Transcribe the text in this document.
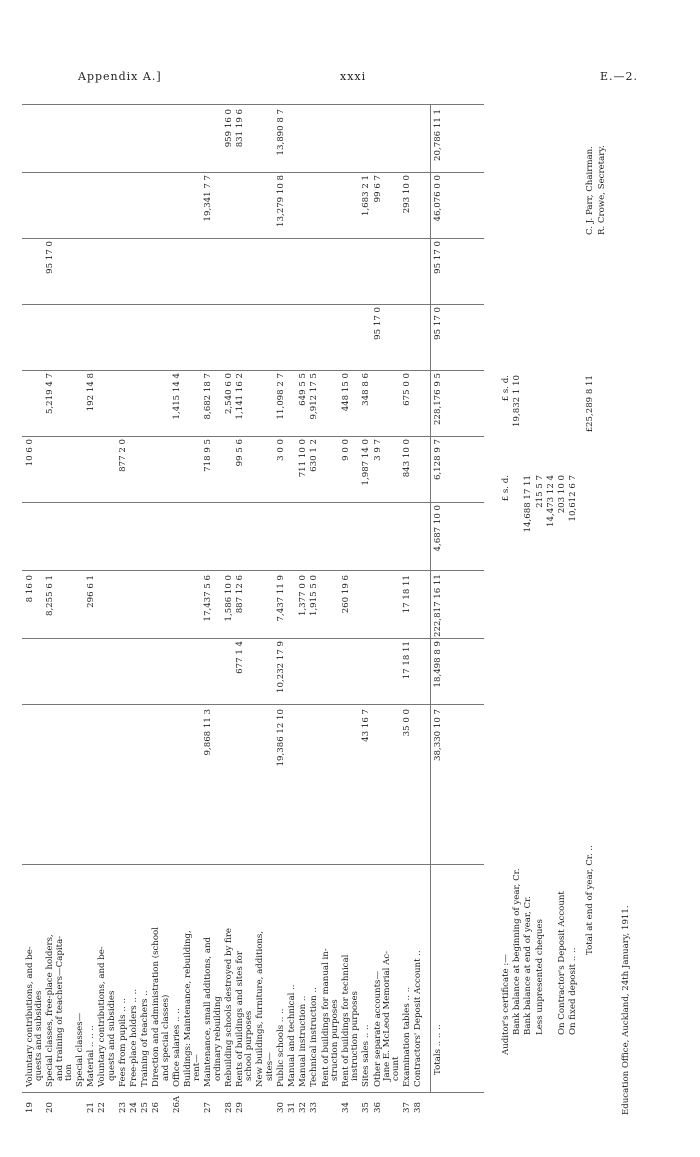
Appendix A.]	xxxi	E.—2.
19
Voluntary contributions, and be- quests and subsidies
8 16 0
10 6 0
20
Special classes, free-place holders, and training of teachers—Capita- tion
8,255 6 1
5,219 4 7
95 17 0
Special classes—
21
Material .. .. ..
296 6 1
192 14 8
22
Voluntary contributions, and be- quests and subsidies
23
Fees from pupils .. ..
877 2 0
24
Free-place holders .. ..
25
Training of teachers ..
26
Direction and administration (school and special classes)
26A
Office salaries .. ..
1,415 14 4
Buildings: Maintenance, rebuilding, rent—
27
Maintenance, small additions, and ordinary rebuilding
17,437 5 6
718 9 5
8,682 18 7
19,341 7 7
9,868 11 3
28
Rebuilding schools destroyed by fire
1,586 10 0
2,540 6 0
959 16 0
29
Rents of buildings and sites for school purposes
677 1 4
887 12 6
99 5 6
1,141 16 2
831 19 6
New buildings, furniture, additions, sites—
30
Public schools .. ..
10,232 17 9
7,437 11 9
3 0 0
11,098 2 7
13,279 10 8
13,890 8 7
19,386 12 10
31
Manual and technical ..
32
Manual instruction ..
1,377 0 0
711 10 0
649 5 5
33
Technical instruction ..
1,915 5 0
630 1 2
9,912 17 5
Rent of buildings for manual in- struction purposes
34
Rent of buildings for technical instruction purposes
260 19 6
9 0 0
448 15 0
35
Sites sales .. ..
1,987 14 0
348 8 6
1,683 2 1
43 16 7
36
Other separate accounts— Jane E. McLeod Memorial Ac- count
3 9 7
95 17 0
99 6 7
37
Examination tables .. ..
17 18 11
17 18 11
843 10 0
675 0 0
293 10 0
35 0 0
38
Contractors' Deposit Account .. Totals .. .. ..
38,330 10 7
18,498 8 9
222,817 16 11
4,687 10 0
6,128 9 7
228,176 9 5
95 17 0
95 17 0
46,076 0 0
20,786 11 1
Auditor's certificate :—
£ s. d.
£ s. d.
Bank balance at beginning of year, Cr.
19,832 1 10
Bank balance at end of year, Cr.
14,688 17 11
Less unpresented cheques
215 5 7 14,473 12 4
On Contractor's Deposit Account
203 10 0
On fixed deposit .. ..
10,612 6 7
Total at end of year, Cr. ..
£25,289 8 11
C. J. Parr, Chairman. R. Crowe, Secretary.
Education Office, Auckland, 24th January, 1911.
